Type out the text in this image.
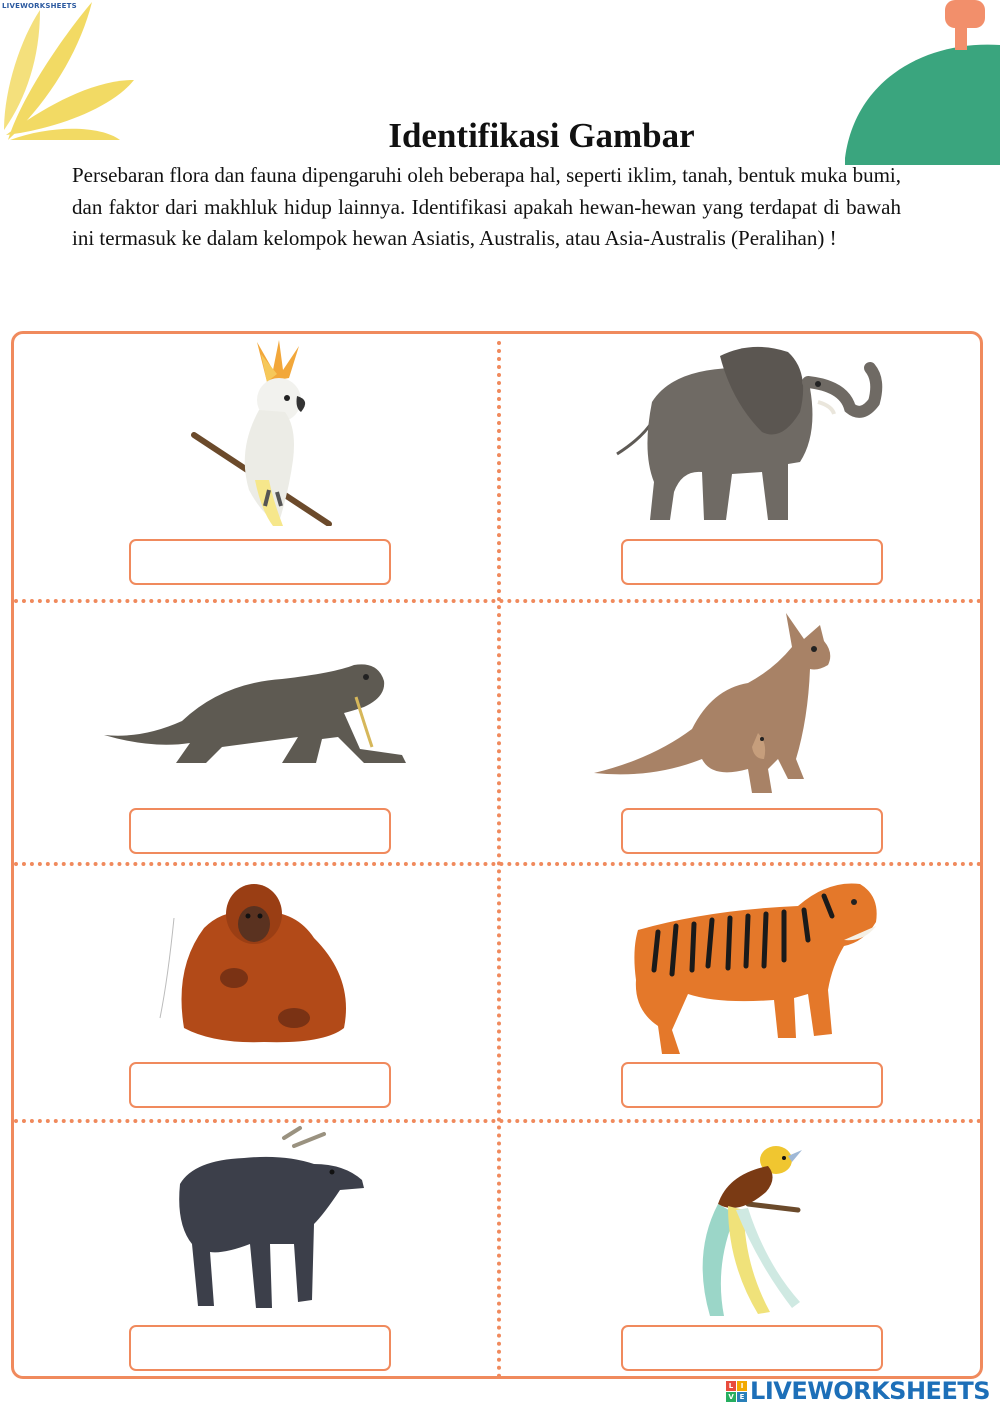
LIVEWORKSHEETS
Identifikasi Gambar

Persebaran flora dan fauna dipengaruhi oleh beberapa hal, seperti iklim, tanah, bentuk muka bumi, dan faktor dari makhluk hidup lainnya. Identifikasi apakah hewan-hewan yang terdapat di bawah ini termasuk ke dalam kelompok hewan Asiatis, Australis, atau Asia-Australis (Peralihan) !

L	I
V E LIVEWORKSHEETS
